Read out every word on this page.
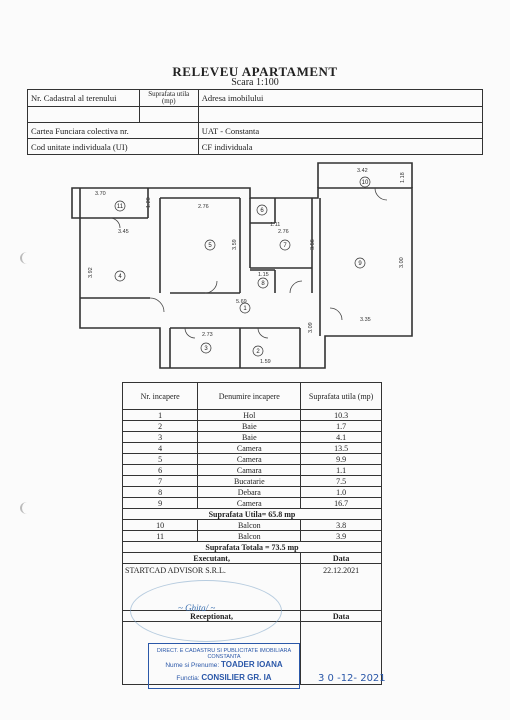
RELEVEU APARTAMENT
Scara 1:100
Nr. Cadastral al terenului	Suprafata utila (mp)	Adresa imobilului

Cartea Funciara colectiva nr.		UAT - Constanta
Cod unitate individuala (UI)		CF individuala
3.70
1.20
3.45
3.92
2.76
3.59
1.11
2.76
3.56
3.42
1.18
3.00
3.35
5.69
1.15
3.09
2.73
1.59
11
4
5
6
7
8
1
9
10
3	2
Nr. incapere	Denumire incapere	Suprafata utila (mp)
1	Hol	10.3
2	Baie	1.7
3	Baie	4.1
4	Camera	13.5
5	Camera	9.9
6	Camara	1.1
7	Bucatarie	7.5
8	Debara	1.0
9	Camera	16.7
Suprafata Utila= 65.8 mp		
10	Balcon	3.8
11	Balcon	3.9
Suprafata Totala = 73.5 mp		
Executant,		Data
STARTCAD ADVISOR S.R.L.		22.12.2021
Receptionat,		Data

~ Ghita/ ~
DIRECT. E CADASTRU SI PUBLICITATE IMOBILIARA CONSTANTA
Nume si Prenume: TOADER IOANA
Functia: CONSILIER GR. IA	3 0 -12- 2021
